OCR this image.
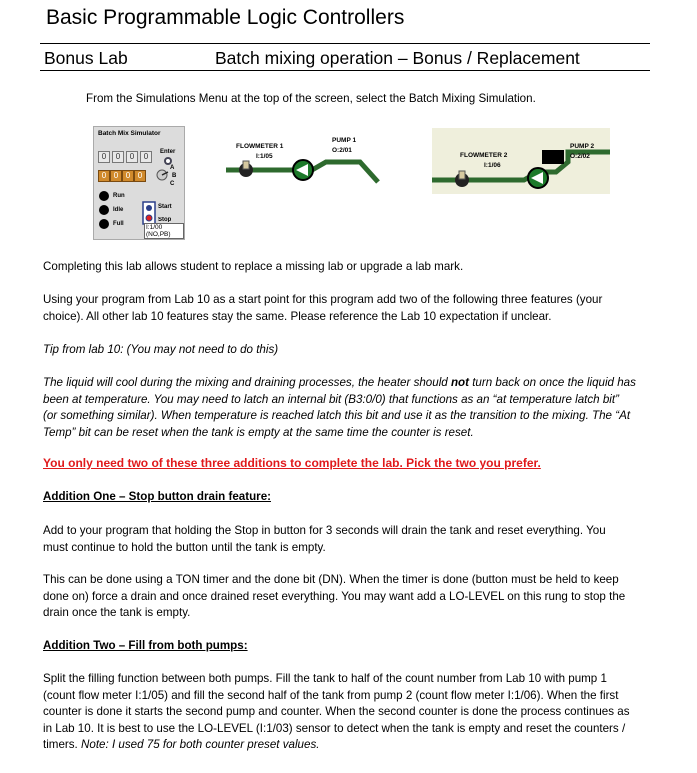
Basic Programmable Logic Controllers
Bonus Lab	Batch mixing operation – Bonus / Replacement
From the Simulations Menu at the top of the screen, select the Batch Mixing Simulation.
Batch Mix Simulator
Enter
0	0	0	0
0 0 0 0
A
B
C
Run
Idle
Full
Start
Stop
I:1/00 (NO,PB)
FLOWMETER 1
I:1/05
PUMP 1
O:2/01
FLOWMETER 2
I:1/06
PUMP 2
O:2/02
Completing this lab allows student to replace a missing lab or upgrade a lab mark.
Using your program from Lab 10 as a start point for this program add two of the following three features (your
choice). All other lab 10 features stay the same. Please reference the Lab 10 expectation if unclear.
Tip from lab 10: (You may not need to do this)
The liquid will cool during the mixing and draining processes, the heater should not turn back on once the liquid has
been at temperature. You may need to latch an internal bit (B3:0/0) that functions as an “at temperature latch bit”
(or something similar). When temperature is reached latch this bit and use it as the transition to the mixing. The “At
Temp” bit can be reset when the tank is empty at the same time the counter is reset.
You only need two of these three additions to complete the lab. Pick the two you prefer.
Addition One – Stop button drain feature:
Add to your program that holding the Stop in button for 3 seconds will drain the tank and reset everything. You
must continue to hold the button until the tank is empty.
This can be done using a TON timer and the done bit (DN). When the timer is done (button must be held to keep
done on) force a drain and once drained reset everything. You may want add a LO-LEVEL on this rung to stop the
drain once the tank is empty.
Addition Two – Fill from both pumps:
Split the filling function between both pumps. Fill the tank to half of the count number from Lab 10 with pump 1
(count flow meter I:1/05) and fill the second half of the tank from pump 2 (count flow meter I:1/06). When the first
counter is done it starts the second pump and counter. When the second counter is done the process continues as
in Lab 10. It is best to use the LO-LEVEL (I:1/03) sensor to detect when the tank is empty and reset the counters /
timers. Note: I used 75 for both counter preset values.
